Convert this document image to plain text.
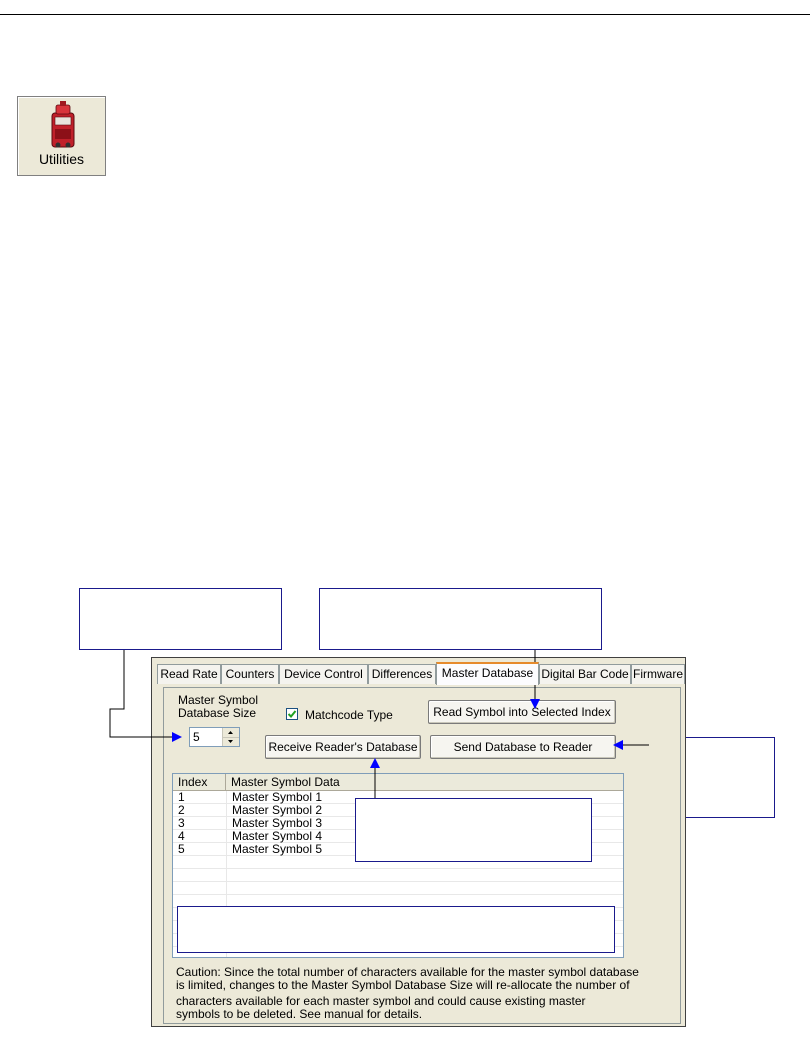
Utilities
Read Rate Counters Device Control Differences Master Database Digital Bar Code Firmware
Master Symbol
Database Size
5
Matchcode Type	Read Symbol into Selected Index
Receive Reader's Database	Send Database to Reader
Index	Master Symbol Data
1	Master Symbol 1
2	Master Symbol 2
3	Master Symbol 3
4	Master Symbol 4
5	Master Symbol 5
Caution: Since the total number of characters available for the master symbol database
is limited, changes to the Master Symbol Database Size will re-allocate the number of
characters available for each master symbol and could cause existing master
symbols to be deleted. See manual for details.
